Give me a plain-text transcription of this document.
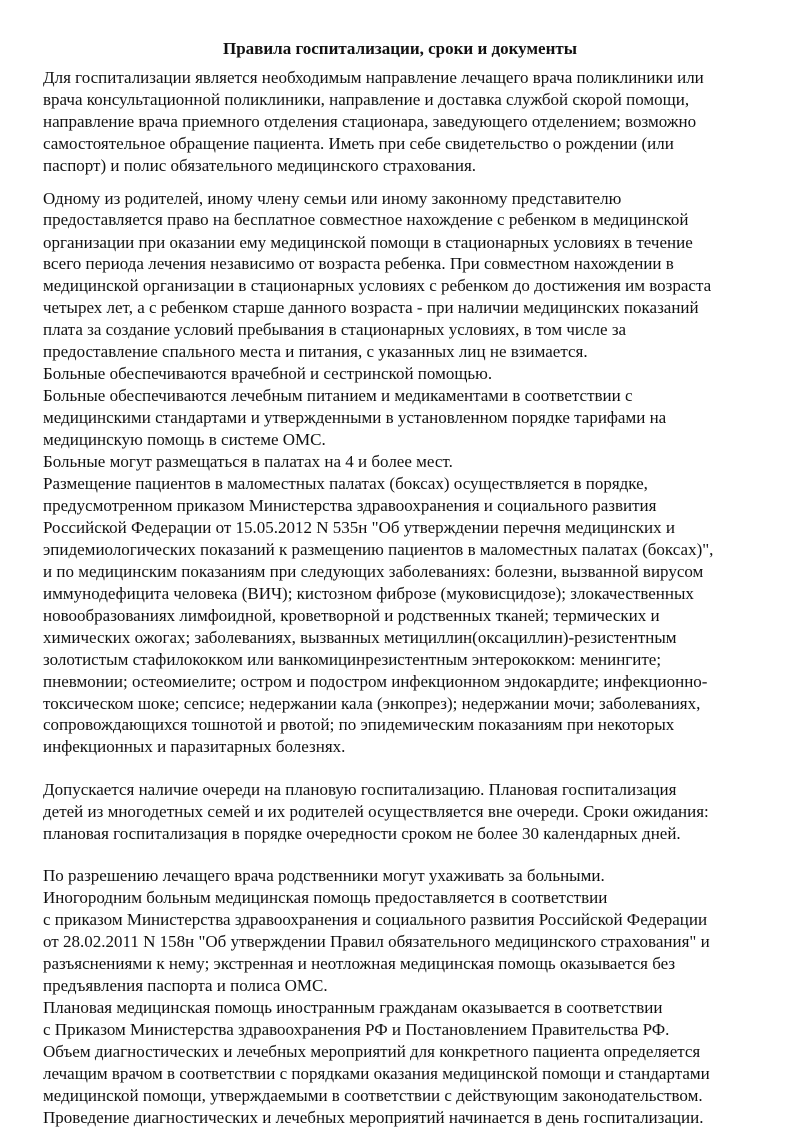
Правила госпитализации, сроки и документы
Для госпитализации является необходимым направление лечащего врача поликлиники или
врача консультационной поликлиники, направление и доставка службой скорой помощи,
направление врача приемного отделения стационара, заведующего отделением; возможно
самостоятельное обращение пациента. Иметь при себе свидетельство о рождении (или
паспорт) и полис обязательного медицинского страхования.
Одному из родителей, иному члену семьи или иному законному представителю
предоставляется право на бесплатное совместное нахождение с ребенком в медицинской
организации при оказании ему медицинской помощи в стационарных условиях в течение
всего периода лечения независимо от возраста ребенка. При совместном нахождении в
медицинской организации в стационарных условиях с ребенком до достижения им возраста
четырех лет, а с ребенком старше данного возраста - при наличии медицинских показаний
плата за создание условий пребывания в стационарных условиях, в том числе за
предоставление спального места и питания, с указанных лиц не взимается.
Больные обеспечиваются врачебной и сестринской помощью.
Больные обеспечиваются лечебным питанием и медикаментами в соответствии с
медицинскими стандартами и утвержденными в установленном порядке тарифами на
медицинскую помощь в системе ОМС.
Больные могут размещаться в палатах на 4 и более мест.
Размещение пациентов в маломестных палатах (боксах) осуществляется в порядке,
предусмотренном приказом Министерства здравоохранения и социального развития
Российской Федерации от 15.05.2012 N 535н "Об утверждении перечня медицинских и
эпидемиологических показаний к размещению пациентов в маломестных палатах (боксах)",
и по медицинским показаниям при следующих заболеваниях: болезни, вызванной вирусом
иммунодефицита человека (ВИЧ); кистозном фиброзе (муковисцидозе); злокачественных
новообразованиях лимфоидной, кроветворной и родственных тканей; термических и
химических ожогах; заболеваниях, вызванных метициллин(оксациллин)-резистентным
золотистым стафилококком или ванкомицинрезистентным энтерококком: менингите;
пневмонии; остеомиелите; остром и подостром инфекционном эндокардите; инфекционно-
токсическом шоке; сепсисе; недержании кала (энкопрез); недержании мочи; заболеваниях,
сопровождающихся тошнотой и рвотой; по эпидемическим показаниям при некоторых
инфекционных и паразитарных болезнях.
Допускается наличие очереди на плановую госпитализацию. Плановая госпитализация
детей из многодетных семей и их родителей осуществляется вне очереди. Сроки ожидания:
плановая госпитализация в порядке очередности сроком не более 30 календарных дней.
По разрешению лечащего врача родственники могут ухаживать за больными.
Иногородним больным медицинская помощь предоставляется в соответствии
с приказом Министерства здравоохранения и социального развития Российской Федерации
от 28.02.2011 N 158н "Об утверждении Правил обязательного медицинского страхования" и
разъяснениями к нему; экстренная и неотложная медицинская помощь оказывается без
предъявления паспорта и полиса ОМС.
Плановая медицинская помощь иностранным гражданам оказывается в соответствии
с Приказом Министерства здравоохранения РФ и Постановлением Правительства РФ.
Объем диагностических и лечебных мероприятий для конкретного пациента определяется
лечащим врачом в соответствии с порядками оказания медицинской помощи и стандартами
медицинской помощи, утверждаемыми в соответствии с действующим законодательством.
Проведение диагностических и лечебных мероприятий начинается в день госпитализации.
